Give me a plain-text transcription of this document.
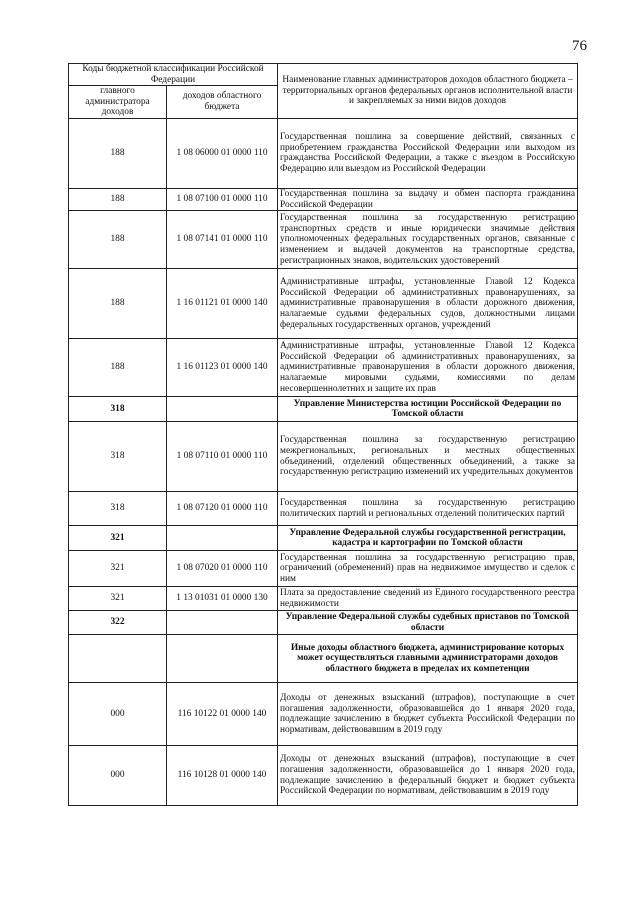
76
Коды бюджетной классификации Российской Федерации		Наименование главных администраторов доходов областного бюджета – территориальных органов федеральных органов исполнительной власти и закрепляемых за ними видов доходов
главного администратора доходов	доходов областного бюджета	
188	1 08 06000 01 0000 110	Государственная пошлина за совершение действий, связанных с приобретением гражданства Российской Федерации или выходом из гражданства Российской Федерации, а также с въездом в Российскую Федерацию или выездом из Российской Федерации
188	1 08 07100 01 0000 110	Государственная пошлина за выдачу и обмен паспорта гражданина Российской Федерации
188	1 08 07141 01 0000 110	Государственная пошлина за государственную регистрацию транспортных средств и иные юридически значимые действия уполномоченных федеральных государственных органов, связанные с изменением и выдачей документов на транспортные средства, регистрационных знаков, водительских удостоверений
188	1 16 01121 01 0000 140	Административные штрафы, установленные Главой 12 Кодекса Российской Федерации об административных правонарушениях, за административные правонарушения в области дорожного движения, налагаемые судьями федеральных судов, должностными лицами федеральных государственных органов, учреждений
188	1 16 01123 01 0000 140	Административные штрафы, установленные Главой 12 Кодекса Российской Федерации об административных правонарушениях, за административные правонарушения в области дорожного движения, налагаемые мировыми судьями, комиссиями по делам несовершеннолетних и защите их прав
318		Управление Министерства юстиции Российской Федерации по Томской области
318	1 08 07110 01 0000 110	Государственная пошлина за государственную регистрацию межрегиональных, региональных и местных общественных объединений, отделений общественных объединений, а также за государственную регистрацию изменений их учредительных документов
318	1 08 07120 01 0000 110	Государственная пошлина за государственную регистрацию политических партий и региональных отделений политических партий
321		Управление Федеральной службы государственной регистрации, кадастра и картографии по Томской области
321	1 08 07020 01 0000 110	Государственная пошлина за государственную регистрацию прав, ограничений (обременений) прав на недвижимое имущество и сделок с ним
321	1 13 01031 01 0000 130	Плата за предоставление сведений из Единого государственного реестра недвижимости
322		Управление Федеральной службы судебных приставов по Томской области
		Иные доходы областного бюджета, администрирование которых может осуществляться главными администраторами доходов областного бюджета в пределах их компетенции
000	116 10122 01 0000 140	Доходы от денежных взысканий (штрафов), поступающие в счет погашения задолженности, образовавшейся до 1 января 2020 года, подлежащие зачислению в бюджет субъекта Российской Федерации по нормативам, действовавшим в 2019 году
000	116 10128 01 0000 140	Доходы от денежных взысканий (штрафов), поступающие в счет погашения задолженности, образовавшейся до 1 января 2020 года, подлежащие зачислению в федеральный бюджет и бюджет субъекта Российской Федерации по нормативам, действовавшим в 2019 году
